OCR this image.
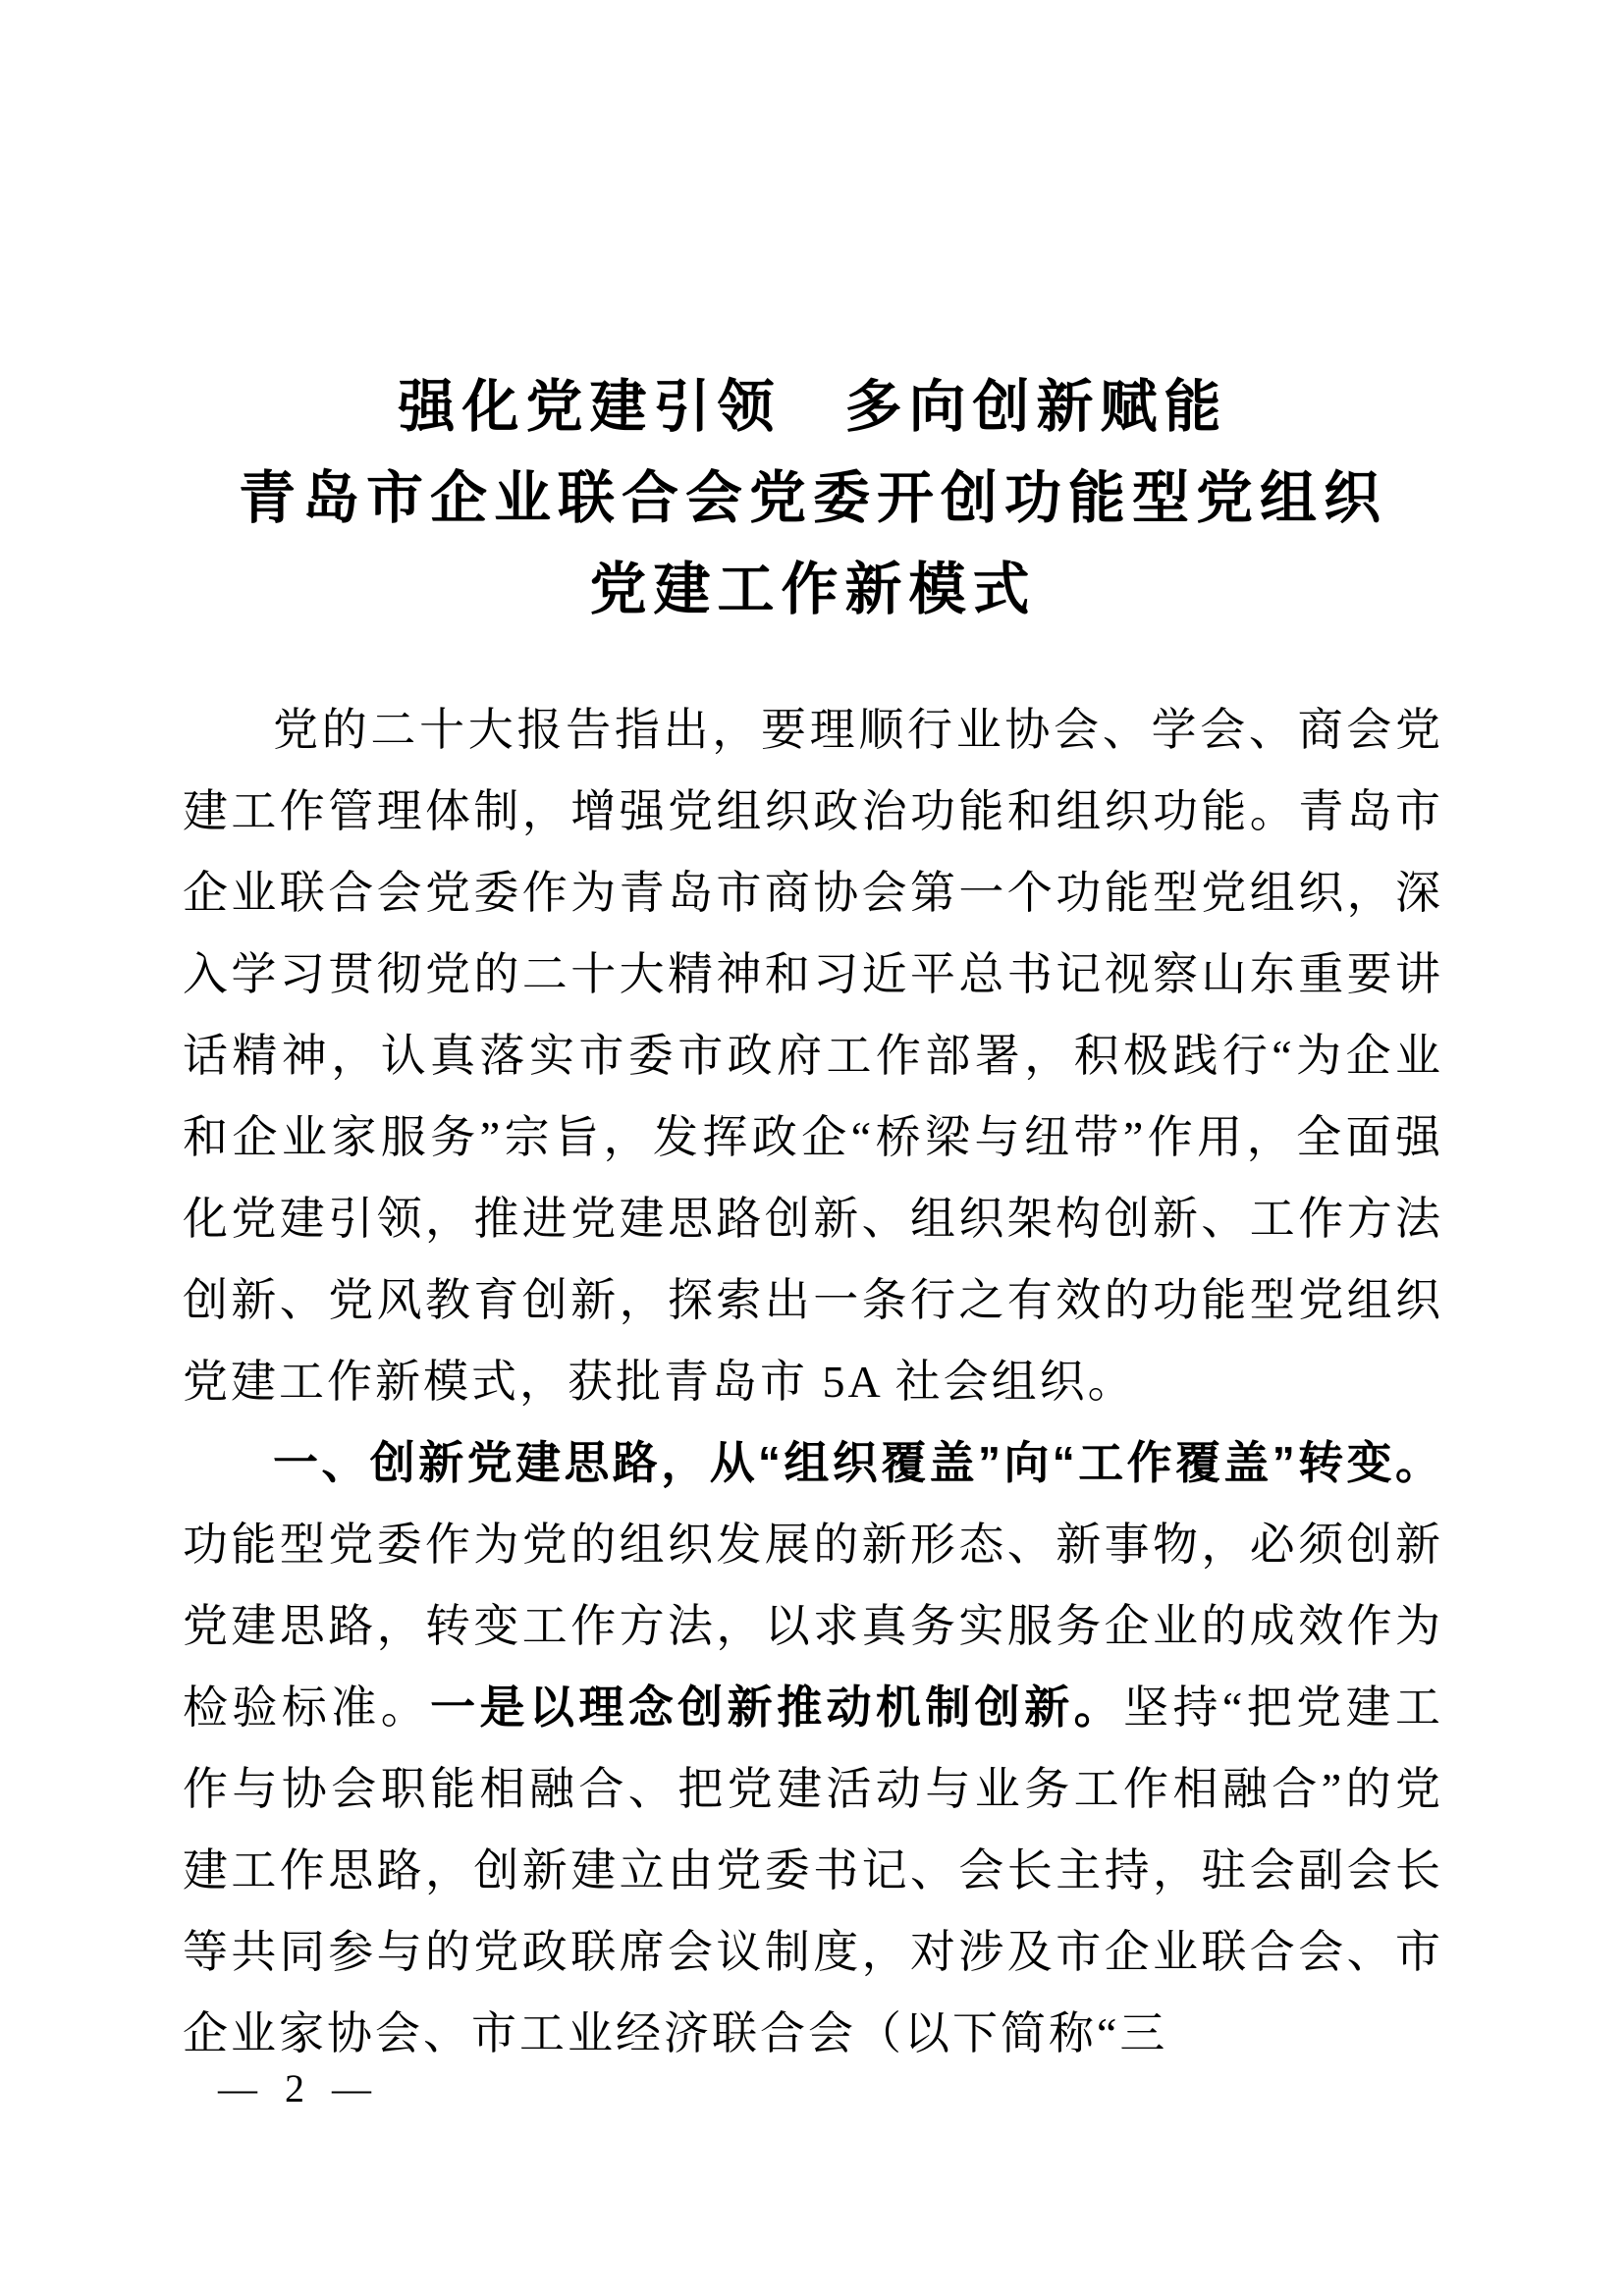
强化党建引领　多向创新赋能
青岛市企业联合会党委开创功能型党组织
党建工作新模式

党的二十大报告指出，要理顺行业协会、学会、商会党建工作管理体制，增强党组织政治功能和组织功能。青岛市企业联合会党委作为青岛市商协会第一个功能型党组织，深入学习贯彻党的二十大精神和习近平总书记视察山东重要讲话精神，认真落实市委市政府工作部署，积极践行“为企业和企业家服务”宗旨，发挥政企“桥梁与纽带”作用，全面强化党建引领，推进党建思路创新、组织架构创新、工作方法创新、党风教育创新，探索出一条行之有效的功能型党组织党建工作新模式，获批青岛市 5A 社会组织。

一、创新党建思路，从“组织覆盖”向“工作覆盖”转变。功能型党委作为党的组织发展的新形态、新事物，必须创新党建思路，转变工作方法，以求真务实服务企业的成效作为检验标准。一是以理念创新推动机制创新。坚持“把党建工作与协会职能相融合、把党建活动与业务工作相融合”的党建工作思路，创新建立由党委书记、会长主持，驻会副会长等共同参与的党政联席会议制度，对涉及市企业联合会、市企业家协会、市工业经济联合会（以下简称“三

— 2 —
